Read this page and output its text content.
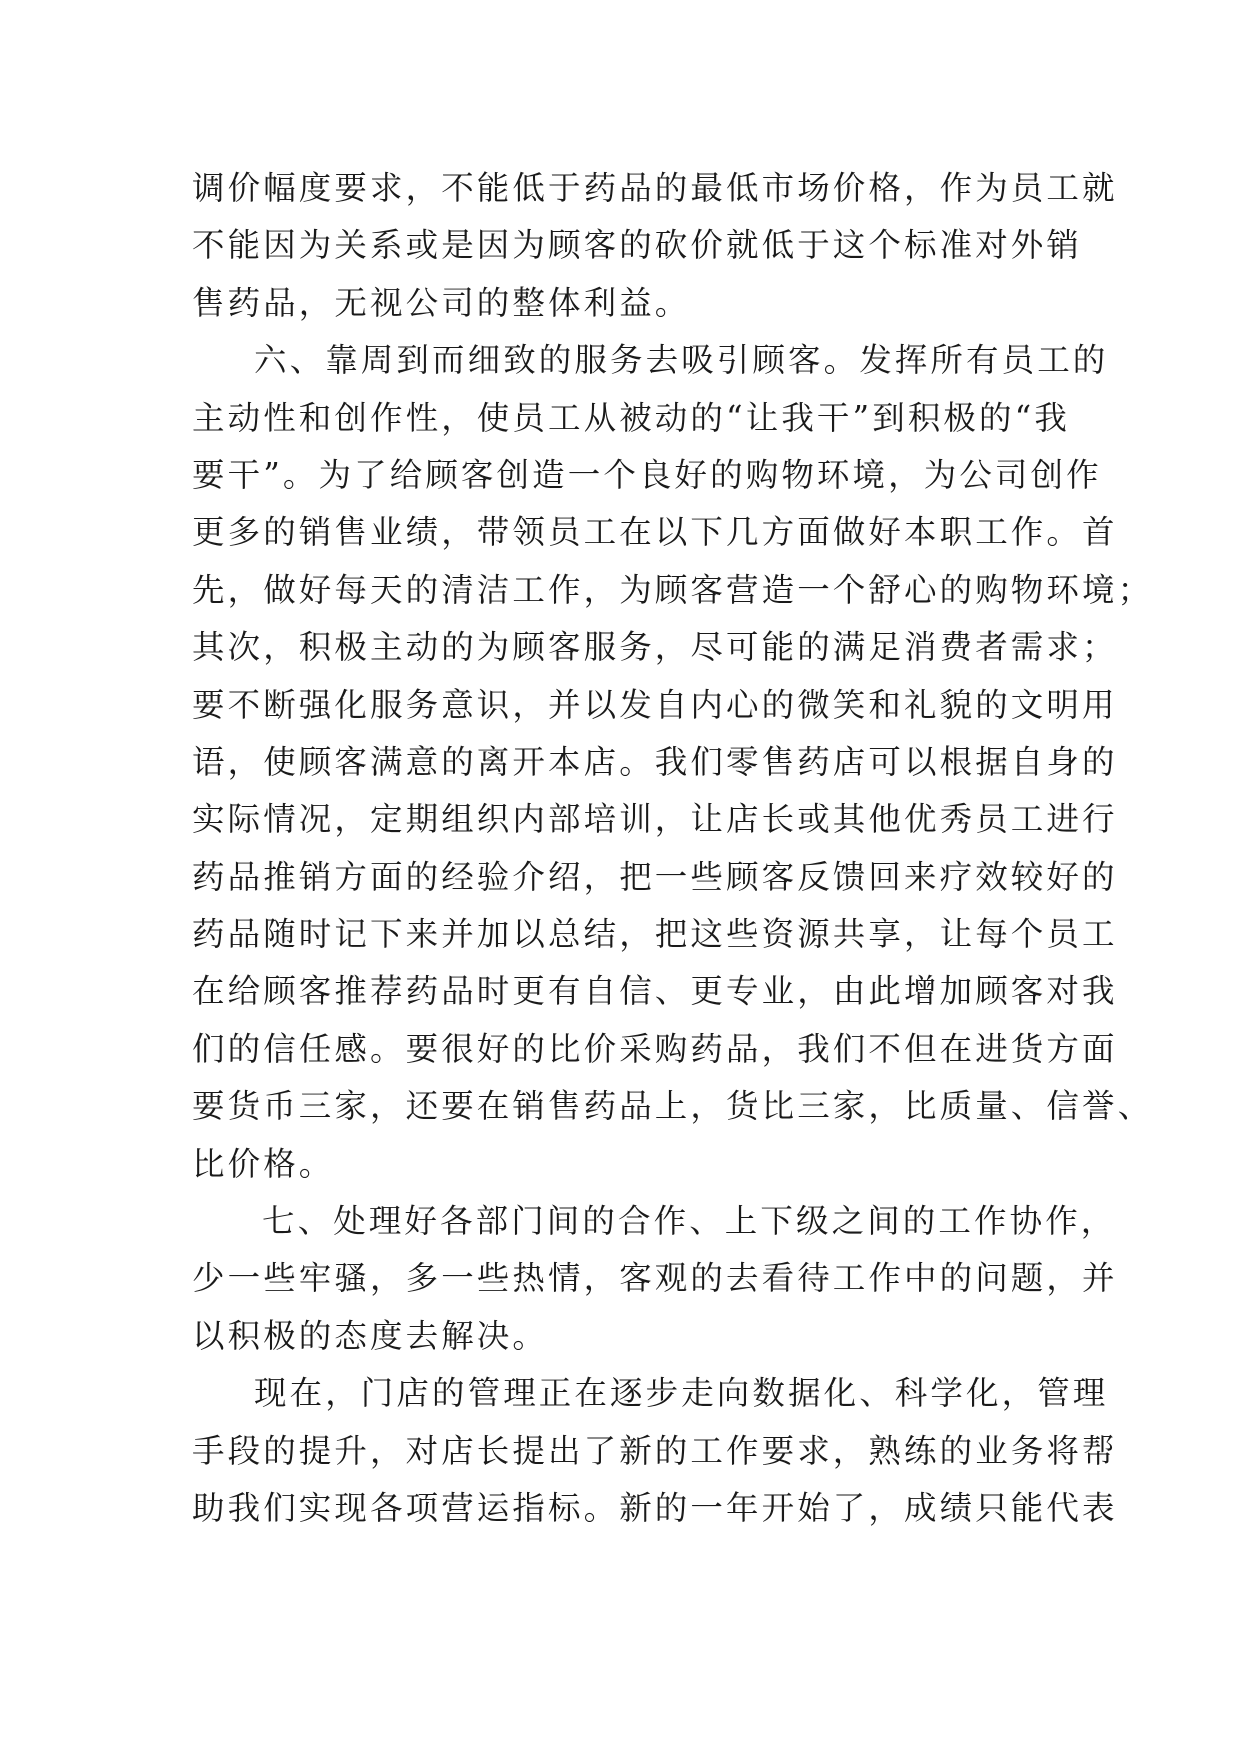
调价幅度要求，不能低于药品的最低市场价格，作为员工就
不能因为关系或是因为顾客的砍价就低于这个标准对外销
售药品，无视公司的整体利益。
六、靠周到而细致的服务去吸引顾客。发挥所有员工的
主动性和创作性，使员工从被动的“让我干”到积极的“我
要干”。为了给顾客创造一个良好的购物环境，为公司创作
更多的销售业绩，带领员工在以下几方面做好本职工作。首
先，做好每天的清洁工作，为顾客营造一个舒心的购物环境；
其次，积极主动的为顾客服务，尽可能的满足消费者需求；
要不断强化服务意识，并以发自内心的微笑和礼貌的文明用
语，使顾客满意的离开本店。我们零售药店可以根据自身的
实际情况，定期组织内部培训，让店长或其他优秀员工进行
药品推销方面的经验介绍，把一些顾客反馈回来疗效较好的
药品随时记下来并加以总结，把这些资源共享，让每个员工
在给顾客推荐药品时更有自信、更专业，由此增加顾客对我
们的信任感。要很好的比价采购药品，我们不但在进货方面
要货币三家，还要在销售药品上，货比三家，比质量、信誉、
比价格。
七、处理好各部门间的合作、上下级之间的工作协作，
少一些牢骚，多一些热情，客观的去看待工作中的问题，并
以积极的态度去解决。
现在，门店的管理正在逐步走向数据化、科学化，管理
手段的提升，对店长提出了新的工作要求，熟练的业务将帮
助我们实现各项营运指标。新的一年开始了，成绩只能代表
